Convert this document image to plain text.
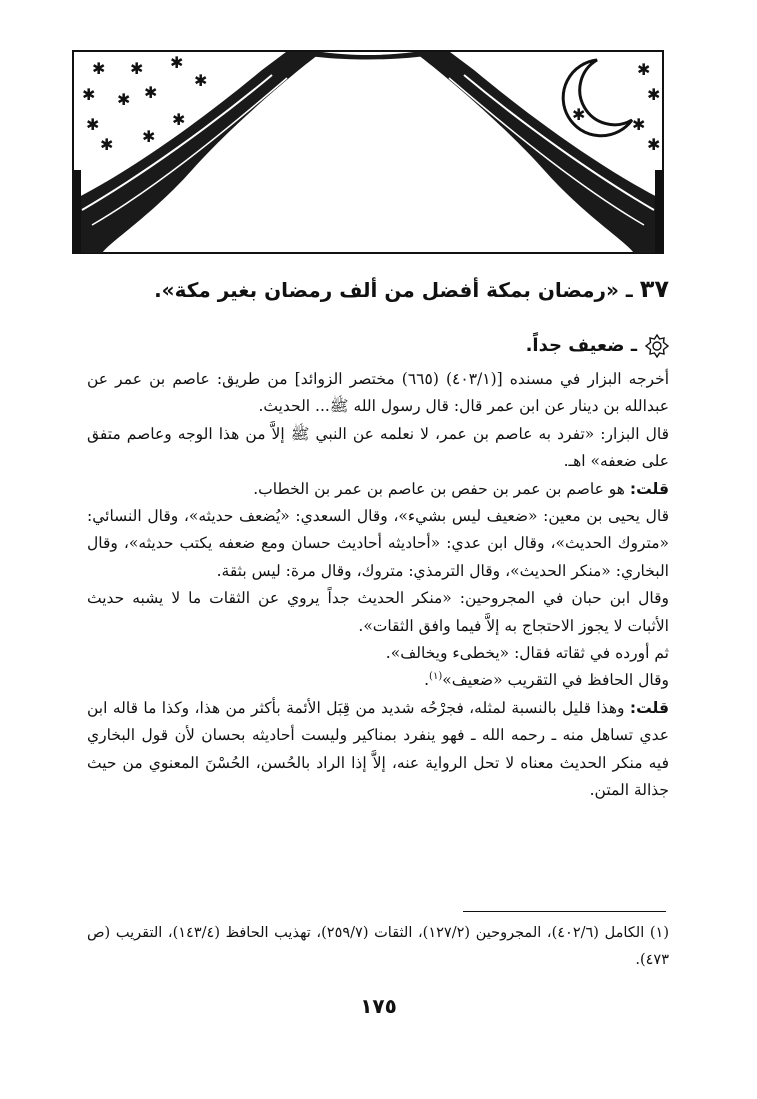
✱ ✱ ✱
✱ ✱ ✱
✱
✱	✱
✱ ✱
✱
✱
✱
✱
✱
٣٧ ـ «رمضان بمكة أفضل من ألف رمضان بغير مكة».
ـ ضعيف جداً.

أخرجه البزار في مسنده [(٤٠٣/١) (٦٦٥) مختصر الزوائد] من طريق: عاصم بن عمر عن عبدالله بن دينار عن ابن عمر قال: قال رسول الله ﷺ... الحديث.

قال البزار: «تفرد به عاصم بن عمر، لا نعلمه عن النبي ﷺ إلاَّ من هذا الوجه وعاصم متفق على ضعفه» اهـ.

قلت: هو عاصم بن عمر بن حفص بن عاصم بن عمر بن الخطاب.

قال يحيى بن معين: «ضعيف ليس بشيء»، وقال السعدي: «يُضعف حديثه»، وقال النسائي: «متروك الحديث»، وقال ابن عدي: «أحاديثه أحاديث حسان ومع ضعفه يكتب حديثه»، وقال البخاري: «منكر الحديث»، وقال الترمذي: متروك، وقال مرة: ليس بثقة.

وقال ابن حبان في المجروحين: «منكر الحديث جداً يروي عن الثقات ما لا يشبه حديث الأثبات لا يجوز الاحتجاج به إلاَّ فيما وافق الثقات».

ثم أورده في ثقاته فقال: «يخطىء ويخالف».

وقال الحافظ في التقريب «ضعيف»$^{(١)}$.

قلت: وهذا قليل بالنسبة لمثله، فجرْحُه شديد من قِبَل الأئمة بأكثر من هذا، وكذا ما قاله ابن عدي تساهل منه ـ رحمه الله ـ فهو ينفرد بمناكير وليست أحاديثه بحسان لأن قول البخاري فيه منكر الحديث معناه لا تحل الرواية عنه، إلاَّ إذا الراد بالحُسن، الحُسْنَ المعنوي من حيث جذالة المتن.

(١) الكامل (٤٠٢/٦)، المجروحين (١٢٧/٢)، الثقات (٢٥٩/٧)، تهذيب الحافظ (١٤٣/٤)، التقريب (ص ٤٧٣).

١٧٥
